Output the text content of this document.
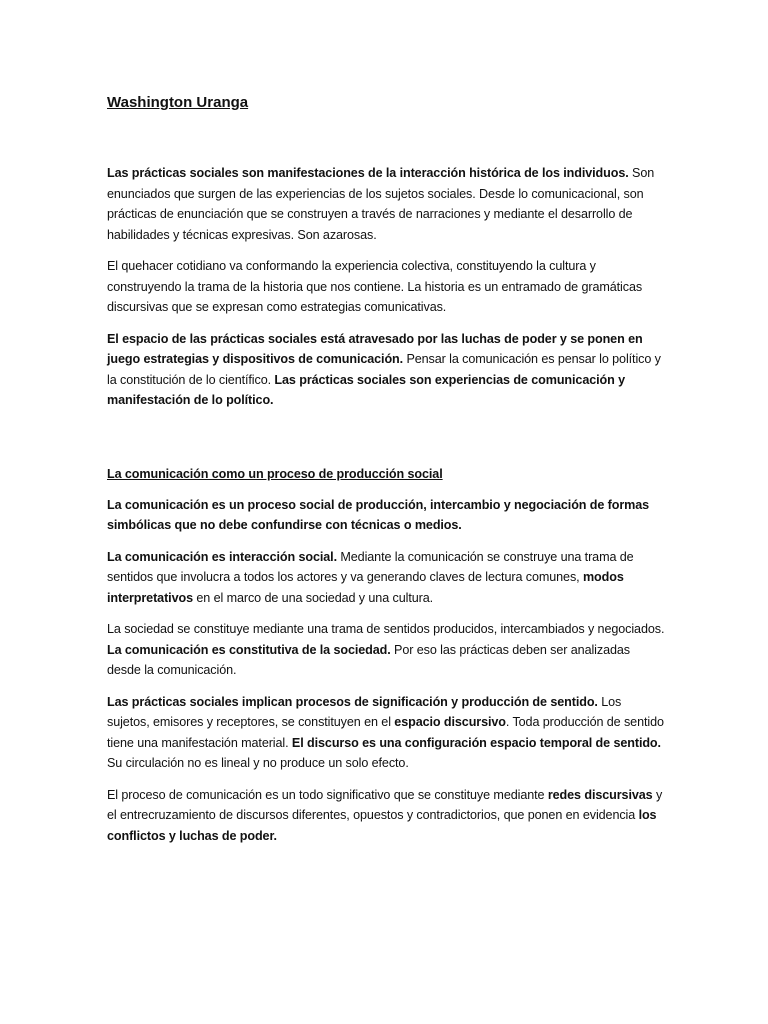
Washington Uranga

Las prácticas sociales son manifestaciones de la interacción histórica de los individuos. Son enunciados que surgen de las experiencias de los sujetos sociales. Desde lo comunicacional, son prácticas de enunciación que se construyen a través de narraciones y mediante el desarrollo de habilidades y técnicas expresivas. Son azarosas.

El quehacer cotidiano va conformando la experiencia colectiva, constituyendo la cultura y construyendo la trama de la historia que nos contiene. La historia es un entramado de gramáticas discursivas que se expresan como estrategias comunicativas.

El espacio de las prácticas sociales está atravesado por las luchas de poder y se ponen en juego estrategias y dispositivos de comunicación. Pensar la comunicación es pensar lo político y la constitución de lo científico. Las prácticas sociales son experiencias de comunicación y manifestación de lo político.

La comunicación como un proceso de producción social

La comunicación es un proceso social de producción, intercambio y negociación de formas simbólicas que no debe confundirse con técnicas o medios.

La comunicación es interacción social. Mediante la comunicación se construye una trama de sentidos que involucra a todos los actores y va generando claves de lectura comunes, modos interpretativos en el marco de una sociedad y una cultura.

La sociedad se constituye mediante una trama de sentidos producidos, intercambiados y negociados. La comunicación es constitutiva de la sociedad. Por eso las prácticas deben ser analizadas desde la comunicación.

Las prácticas sociales implican procesos de significación y producción de sentido. Los sujetos, emisores y receptores, se constituyen en el espacio discursivo. Toda producción de sentido tiene una manifestación material. El discurso es una configuración espacio temporal de sentido. Su circulación no es lineal y no produce un solo efecto.

El proceso de comunicación es un todo significativo que se constituye mediante redes discursivas y el entrecruzamiento de discursos diferentes, opuestos y contradictorios, que ponen en evidencia los conflictos y luchas de poder.
